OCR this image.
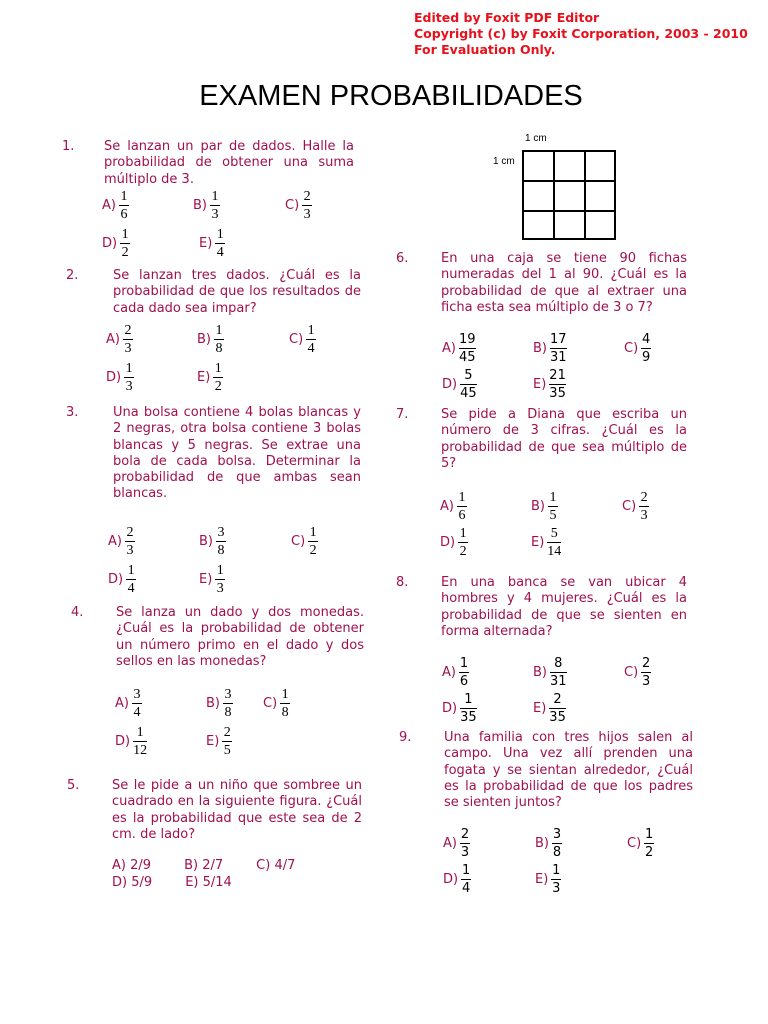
Edited by Foxit PDF Editor
Copyright (c) by Foxit Corporation, 2003 - 2010
For Evaluation Only.
EXAMEN PROBABILIDADES
1 cm
1 cm
1. Se lanzan un par de dados. Halle la probabilidad de obtener una suma múltiplo de 3.
$A) \frac{1}{6}$	$B) \frac{1}{3}$	$C) \frac{2}{3}$
$D) \frac{1}{2}$	$E) \frac{1}{4}$
2.	Se lanzan tres dados. ¿Cuál es la probabilidad de que los resultados de cada dado sea impar?
$A) \frac{2}{3}$	$B) \frac{1}{8}$	$C) \frac{1}{4}$
$D) \frac{1}{3}$	$E) \frac{1}{2}$
3.	Una bolsa contiene 4 bolas blancas y 2 negras, otra bolsa contiene 3 bolas blancas y 5 negras. Se extrae una bola de cada bolsa. Determinar la probabilidad de que ambas sean blancas.
$A) \frac{2}{3}$	$B) \frac{3}{8}$	$C) \frac{1}{2}$
$D) \frac{1}{4}$	$E) \frac{1}{3}$
4.	Se lanza un dado y dos monedas. ¿Cuál es la probabilidad de obtener un número primo en el dado y dos sellos en las monedas?
$A) \frac{3}{4}$	$B) \frac{3}{8} C) \frac{1}{8}$
$D) \frac{1}{12}$	$E) \frac{2}{5}$
5.	Se le pide a un niño que sombree un cuadrado en la siguiente figura. ¿Cuál es la probabilidad que este sea de 2 cm. de lado?
A) 2/9        B) 2/7        C) 4/7
D) 5/9        E) 5/14
6.	En una caja se tiene 90 fichas numeradas del 1 al 90. ¿Cuál es la probabilidad de que al extraer una ficha esta sea múltiplo de 3 o 7?
$A) \frac{19}{45}$	$B) \frac{17}{31}$	$C) \frac{4}{9}$
$D) \frac{5}{45}$	$E) \frac{21}{35}$
7.	Se pide a Diana que escriba un número de 3 cifras. ¿Cuál es la probabilidad de que sea múltiplo de 5?
$A) \frac{1}{6}$	$B) \frac{1}{5}$	$C) \frac{2}{3}$
$D) \frac{1}{2}$	$E) \frac{5}{14}$
8.	En una banca se van ubicar 4 hombres y 4 mujeres. ¿Cuál es la probabilidad de que se sienten en forma alternada?
$A) \frac{1}{6}$	$B) \frac{8}{31}$	$C) \frac{2}{3}$
$D) \frac{1}{35}$	$E) \frac{2}{35}$
9.	Una familia con tres hijos salen al campo. Una vez allí prenden una fogata y se sientan alrededor, ¿Cuál es la probabilidad de que los padres se sienten juntos?
$A) \frac{2}{3}$	$B) \frac{3}{8}$	$C) \frac{1}{2}$
$D) \frac{1}{4}$	$E) \frac{1}{3}$
